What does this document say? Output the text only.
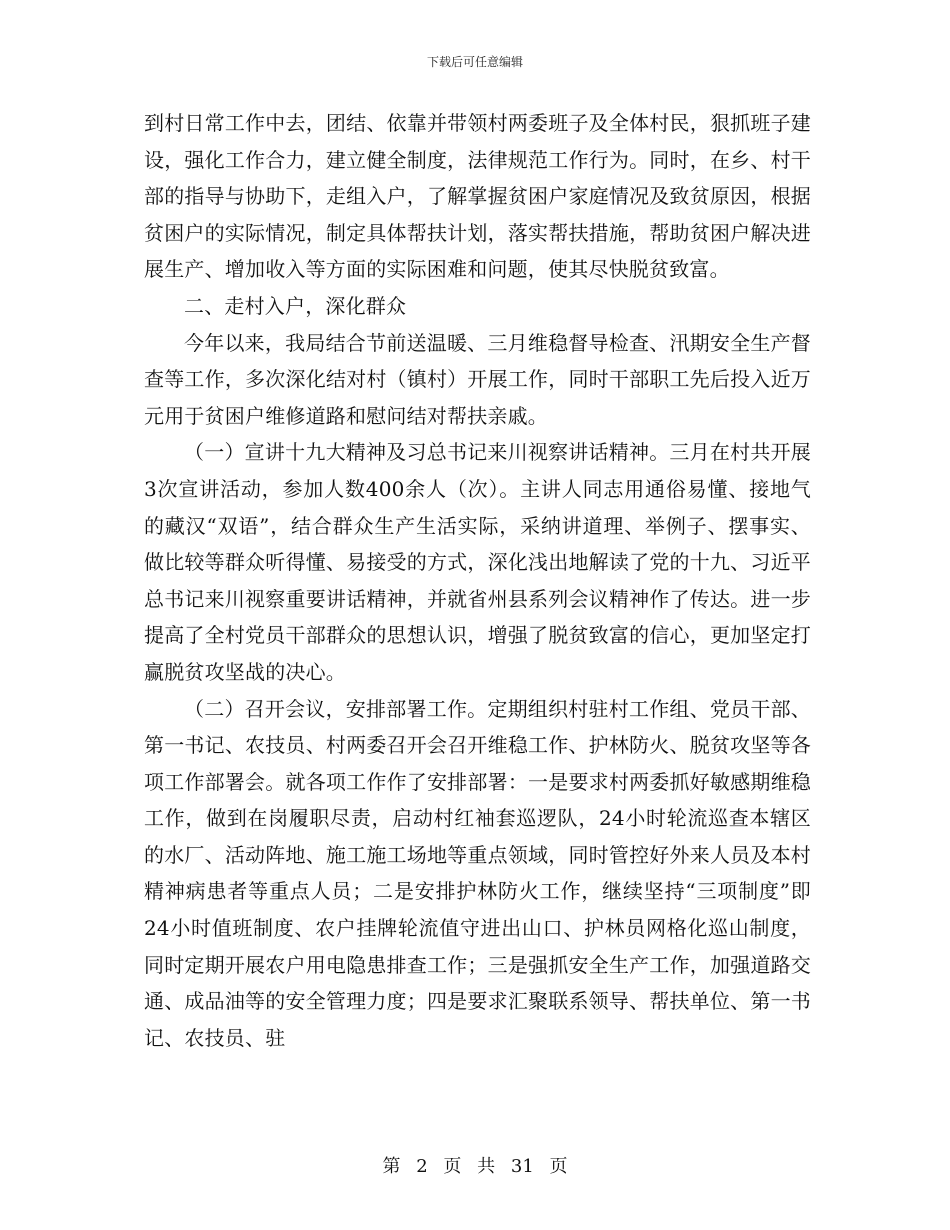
下载后可任意编辑

到村日常工作中去，团结、依靠并带领村两委班子及全体村民，狠抓班子建设，强化工作合力，建立健全制度，法律规范工作行为。同时，在乡、村干部的指导与协助下，走组入户，了解掌握贫困户家庭情况及致贫原因，根据贫困户的实际情况，制定具体帮扶计划，落实帮扶措施，帮助贫困户解决进展生产、增加收入等方面的实际困难和问题，使其尽快脱贫致富。

二、走村入户，深化群众

今年以来，我局结合节前送温暖、三月维稳督导检查、汛期安全生产督查等工作，多次深化结对村（镇村）开展工作，同时干部职工先后投入近万元用于贫困户维修道路和慰问结对帮扶亲戚。

（一）宣讲十九大精神及习总书记来川视察讲话精神。三月在村共开展3次宣讲活动，参加人数400余人（次）。主讲人同志用通俗易懂、接地气的藏汉“双语”，结合群众生产生活实际，采纳讲道理、举例子、摆事实、做比较等群众听得懂、易接受的方式，深化浅出地解读了党的十九、习近平总书记来川视察重要讲话精神，并就省州县系列会议精神作了传达。进一步提高了全村党员干部群众的思想认识，增强了脱贫致富的信心，更加坚定打赢脱贫攻坚战的决心。

（二）召开会议，安排部署工作。定期组织村驻村工作组、党员干部、第一书记、农技员、村两委召开会召开维稳工作、护林防火、脱贫攻坚等各项工作部署会。就各项工作作了安排部署：一是要求村两委抓好敏感期维稳工作，做到在岗履职尽责，启动村红袖套巡逻队，24小时轮流巡查本辖区的水厂、活动阵地、施工施工场地等重点领域，同时管控好外来人员及本村精神病患者等重点人员；二是安排护林防火工作，继续坚持“三项制度”即24小时值班制度、农户挂牌轮流值守进出山口、护林员网格化巡山制度，同时定期开展农户用电隐患排查工作；三是强抓安全生产工作，加强道路交通、成品油等的安全管理力度；四是要求汇聚联系领导、帮扶单位、第一书记、农技员、驻

第 2 页 共 31 页
